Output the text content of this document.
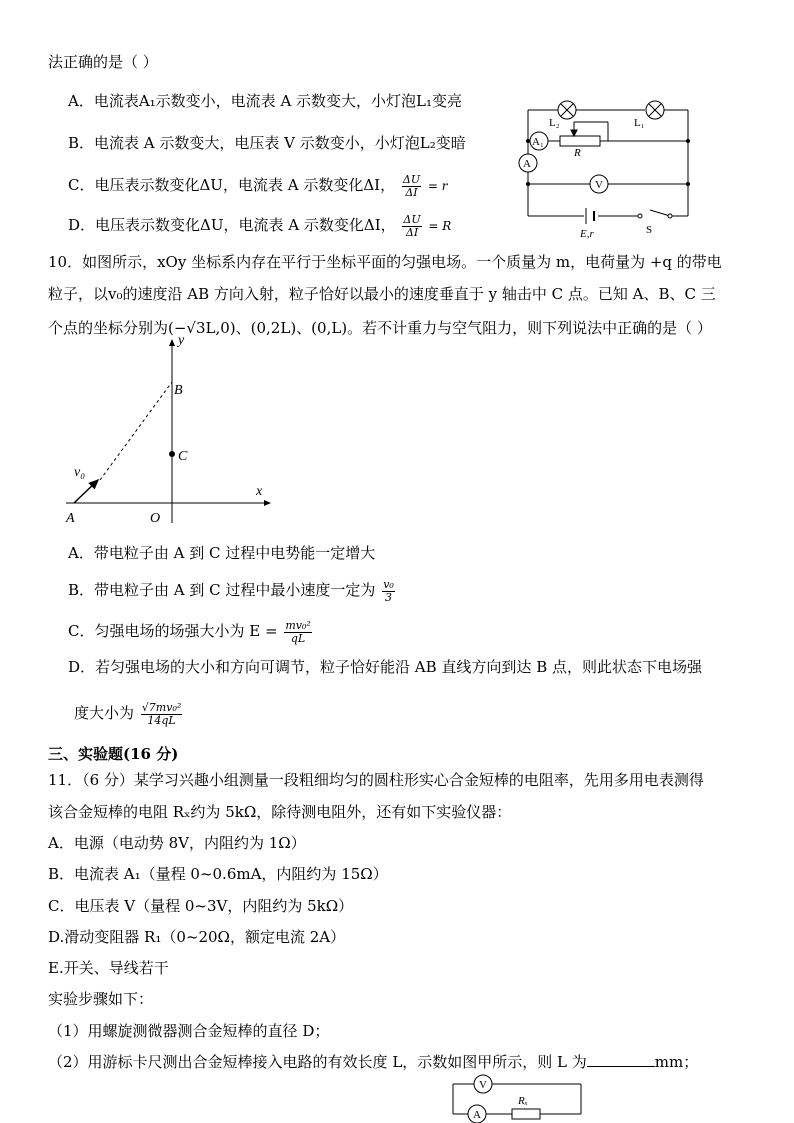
法正确的是（ ）
A．电流表A₁示数变小，电流表 A 示数变大，小灯泡L₁变亮
B．电流表 A 示数变大，电压表 V 示数变小，小灯泡L₂变暗
C．电压表示数变化ΔU，电流表 A 示数变化ΔI， $\frac{\Delta U}{\Delta I} = r$
D．电压表示数变化ΔU，电流表 A 示数变化ΔI， $\frac{\Delta U}{\Delta I} = R$
L₂	L₁
A₁
R
A
V
E,r	S
10．如图所示，xOy 坐标系内存在平行于坐标平面的匀强电场。一个质量为 m，电荷量为 +q 的带电
粒子，以v₀的速度沿 AB 方向入射，粒子恰好以最小的速度垂直于 y 轴击中 C 点。已知 A、B、C 三
个点的坐标分别为(−√3L,0)、(0,2L)、(0,L)。若不计重力与空气阻力，则下列说法中正确的是（ ）
y
x
B
C
A	O
v₀
A．带电粒子由 A 到 C 过程中电势能一定增大
B．带电粒子由 A 到 C 过程中最小速度一定为 $\frac{\text{v₀}}{3}$
C．匀强电场的场强大小为 $E = \frac{\text{mv₀²}}{qL}$
D．若匀强电场的大小和方向可调节，粒子恰好能沿 AB 直线方向到达 B 点，则此状态下电场强
度大小为 $\frac{\text{√7mv₀²}}{14qL}$
三、实验题(16 分)
11．（6 分）某学习兴趣小组测量一段粗细均匀的圆柱形实心合金短棒的电阻率，先用多用电表测得
该合金短棒的电阻 Rₓ约为 5kΩ，除待测电阻外，还有如下实验仪器：
A．电源（电动势 8V，内阻约为 1Ω）
B．电流表 A₁（量程 0~0.6mA，内阻约为 15Ω）
C．电压表 V（量程 0~3V，内阻约为 5kΩ）
D.滑动变阻器 R₁（0~20Ω，额定电流 2A）
E.开关、导线若干
实验步骤如下：
（1）用螺旋测微器测合金短棒的直径 D；
（2）用游标卡尺测出合金短棒接入电路的有效长度 L，示数如图甲所示，则 L 为	mm；
V
A
Rₓ
